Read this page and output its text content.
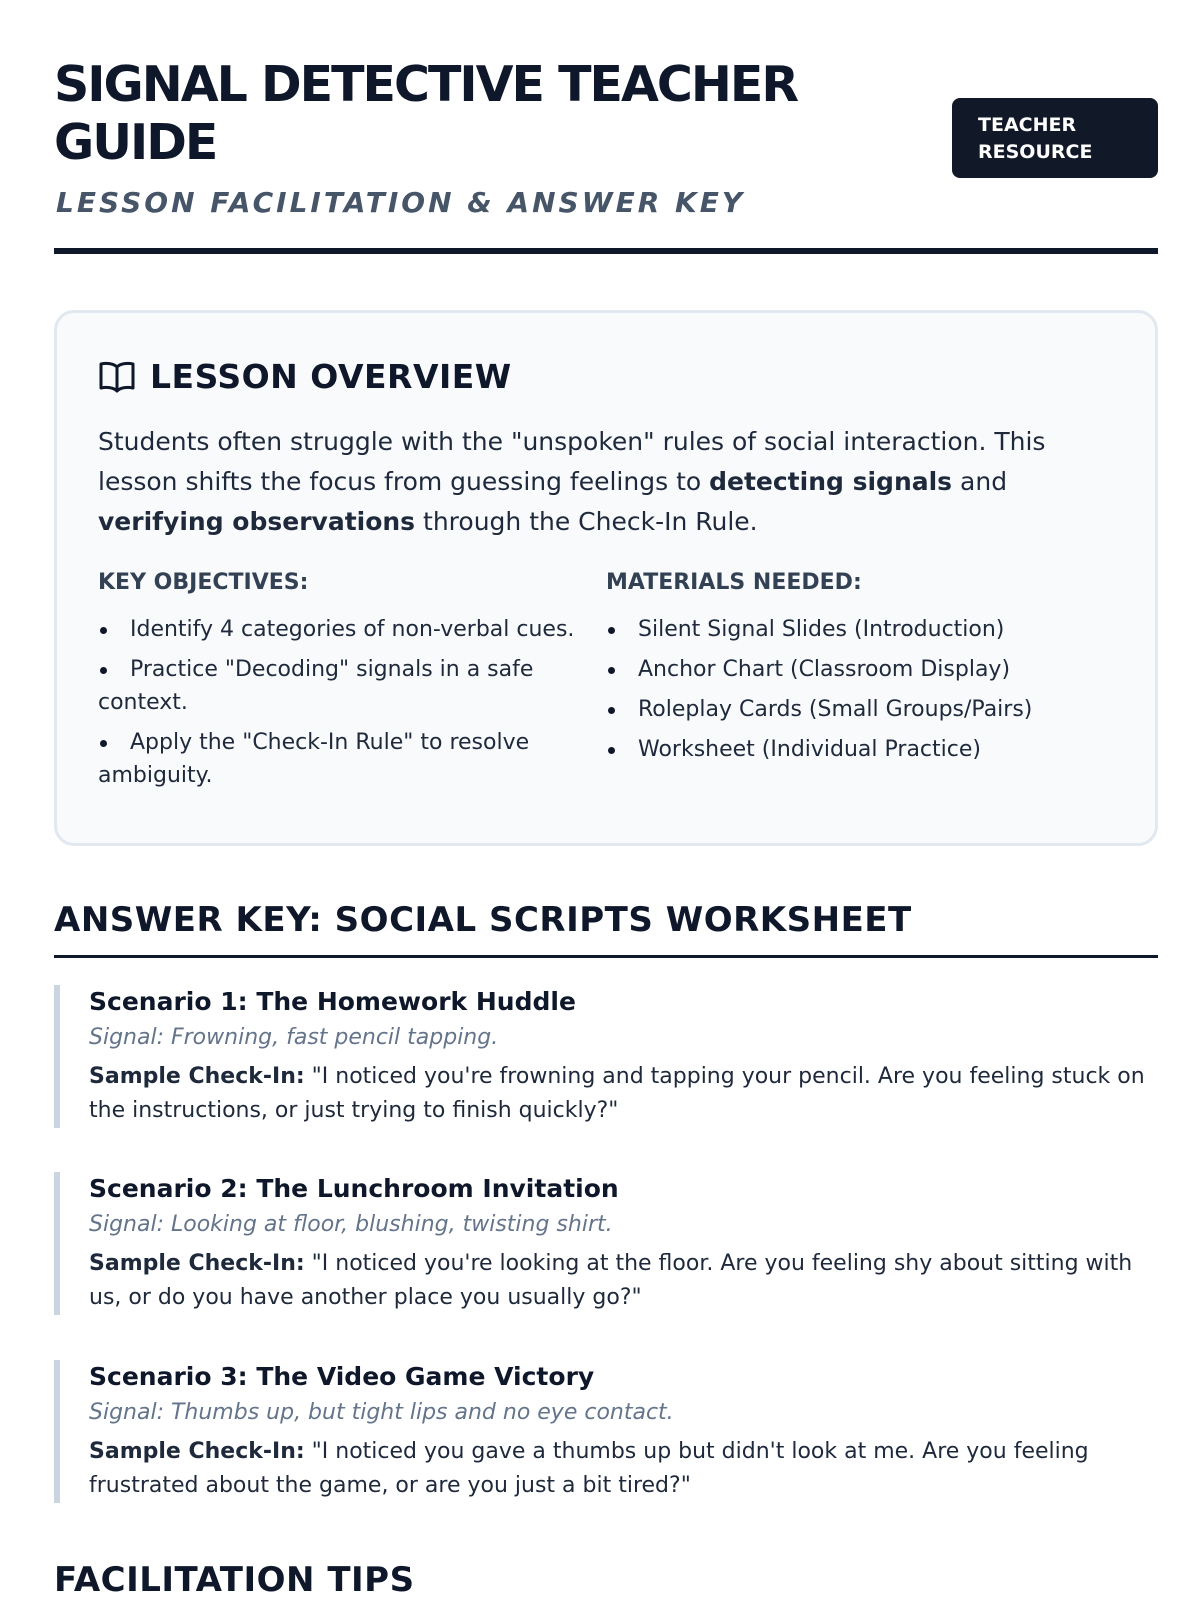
SIGNAL DETECTIVE TEACHER GUIDE
LESSON FACILITATION & ANSWER KEY
TEACHER RESOURCE
LESSON OVERVIEW

Students often struggle with the "unspoken" rules of social interaction. This lesson shifts the focus from guessing feelings to detecting signals and verifying observations through the Check-In Rule.

KEY OBJECTIVES:
Identify 4 categories of non-verbal cues.
Practice "Decoding" signals in a safe context.
Apply the "Check-In Rule" to resolve ambiguity.
MATERIALS NEEDED:
Silent Signal Slides (Introduction)
Anchor Chart (Classroom Display)
Roleplay Cards (Small Groups/Pairs)
Worksheet (Individual Practice)
ANSWER KEY: SOCIAL SCRIPTS WORKSHEET
Scenario 1: The Homework Huddle
Signal: Frowning, fast pencil tapping.
Sample Check-In: "I noticed you're frowning and tapping your pencil. Are you feeling stuck on the instructions, or just trying to finish quickly?"
Scenario 2: The Lunchroom Invitation
Signal: Looking at floor, blushing, twisting shirt.
Sample Check-In: "I noticed you're looking at the floor. Are you feeling shy about sitting with us, or do you have another place you usually go?"
Scenario 3: The Video Game Victory
Signal: Thumbs up, but tight lips and no eye contact.
Sample Check-In: "I noticed you gave a thumbs up but didn't look at me. Are you feeling frustrated about the game, or are you just a bit tired?"
FACILITATION TIPS
